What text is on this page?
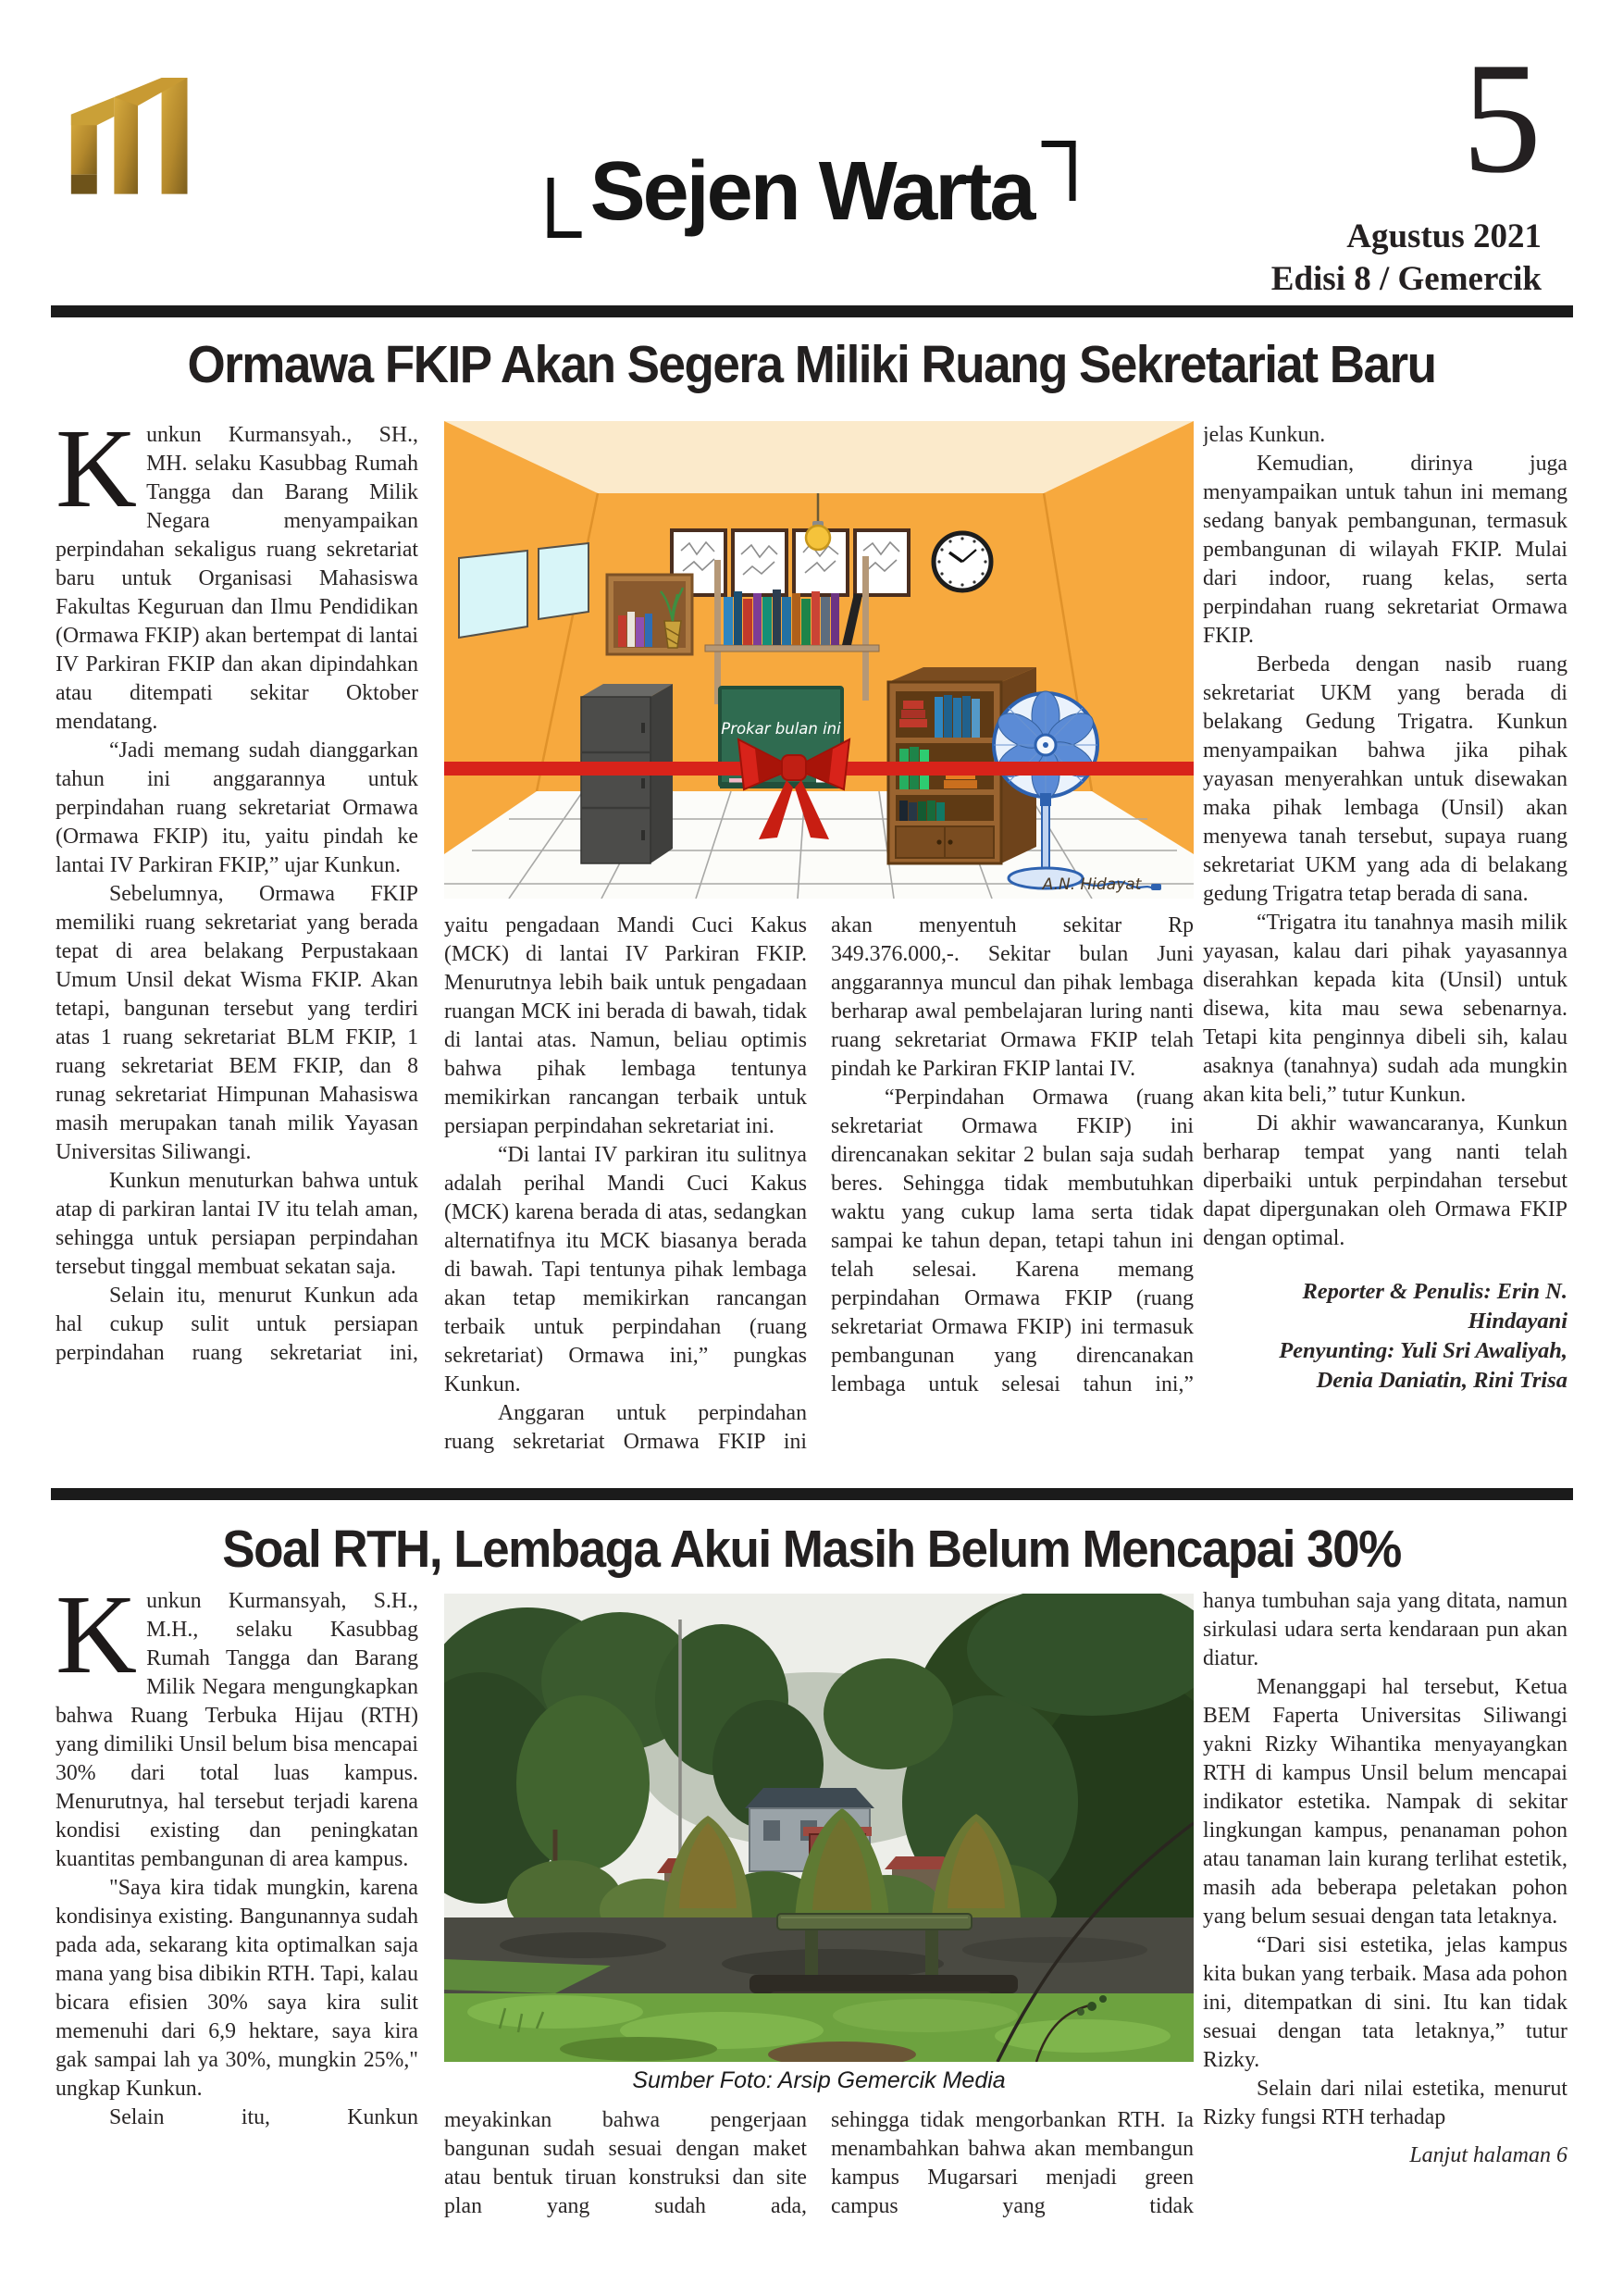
Sejen Warta	5
Agustus 2021
Edisi 8 / Gemercik
Ormawa FKIP Akan Segera Miliki Ruang Sekretariat Baru
Prokar bulan ini
A.N. Hidayat
K unkun Kurmansyah., SH., MH. selaku Kasubbag Rumah Tangga dan Barang Milik Negara menyampaikan perpindahan sekaligus ruang sekretariat baru untuk Organisasi Mahasiswa Fakultas Keguruan dan Ilmu Pendidikan (Ormawa FKIP) akan bertempat di lantai IV Parkiran FKIP dan akan dipindahkan atau ditempati sekitar Oktober mendatang.

“Jadi memang sudah dianggarkan tahun ini anggarannya untuk perpindahan ruang sekretariat Ormawa (Ormawa FKIP) itu, yaitu pindah ke lantai IV Parkiran FKIP,” ujar Kunkun.

Sebelumnya, Ormawa FKIP memiliki ruang sekretariat yang berada tepat di area belakang Perpustakaan Umum Unsil dekat Wisma FKIP. Akan tetapi, bangunan tersebut yang terdiri atas 1 ruang sekretariat BLM FKIP, 1 ruang sekretariat BEM FKIP, dan 8 runag sekretariat Himpunan Mahasiswa masih merupakan tanah milik Yayasan Universitas Siliwangi.

Kunkun menuturkan bahwa untuk atap di parkiran lantai IV itu telah aman, sehingga untuk persiapan perpindahan tersebut tinggal membuat sekatan saja.

Selain itu, menurut Kunkun ada hal cukup sulit untuk persiapan perpindahan ruang sekretariat ini,

yaitu pengadaan Mandi Cuci Kakus (MCK) di lantai IV Parkiran FKIP. Menurutnya lebih baik untuk pengadaan ruangan MCK ini berada di bawah, tidak di lantai atas. Namun, beliau optimis bahwa pihak lembaga tentunya memikirkan rancangan terbaik untuk persiapan perpindahan sekretariat ini.

“Di lantai IV parkiran itu sulitnya adalah perihal Mandi Cuci Kakus (MCK) karena berada di atas, sedangkan alternatifnya itu MCK biasanya berada di bawah. Tapi tentunya pihak lembaga akan tetap memikirkan rancangan terbaik untuk perpindahan (ruang sekretariat) Ormawa ini,” pungkas Kunkun.

Anggaran untuk perpindahan ruang sekretariat Ormawa FKIP ini

akan menyentuh sekitar Rp 349.376.000,-. Sekitar bulan Juni anggarannya muncul dan pihak lembaga berharap awal pembelajaran luring nanti ruang sekretariat Ormawa FKIP telah pindah ke Parkiran FKIP lantai IV.

“Perpindahan Ormawa (ruang sekretariat Ormawa FKIP) ini direncanakan sekitar 2 bulan saja sudah beres. Sehingga tidak membutuhkan waktu yang cukup lama serta tidak sampai ke tahun depan, tetapi tahun ini telah selesai. Karena memang perpindahan Ormawa FKIP (ruang sekretariat Ormawa FKIP) ini termasuk pembangunan yang direncanakan lembaga untuk selesai tahun ini,”

jelas Kunkun.

Kemudian, dirinya juga menyampaikan untuk tahun ini memang sedang banyak pembangunan, termasuk pembangunan di wilayah FKIP. Mulai dari indoor, ruang kelas, serta perpindahan ruang sekretariat Ormawa FKIP.

Berbeda dengan nasib ruang sekretariat UKM yang berada di belakang Gedung Trigatra. Kunkun menyampaikan bahwa jika pihak yayasan menyerahkan untuk disewakan maka pihak lembaga (Unsil) akan menyewa tanah tersebut, supaya ruang sekretariat UKM yang ada di belakang gedung Trigatra tetap berada di sana.

“Trigatra itu tanahnya masih milik yayasan, kalau dari pihak yayasannya diserahkan kepada kita (Unsil) untuk disewa, kita mau sewa sebenarnya. Tetapi kita penginnya dibeli sih, kalau asaknya (tanahnya) sudah ada mungkin akan kita beli,” tutur Kunkun.

Di akhir wawancaranya, Kunkun berharap tempat yang nanti telah diperbaiki untuk perpindahan tersebut dapat dipergunakan oleh Ormawa FKIP dengan optimal.

Reporter & Penulis: Erin N.
Hindayani
Penyunting: Yuli Sri Awaliyah,
Denia Daniatin, Rini Trisa
Soal RTH, Lembaga Akui Masih Belum Mencapai 30%
Sumber Foto: Arsip Gemercik Media
K unkun Kurmansyah, S.H., M.H., selaku Kasubbag Rumah Tangga dan Barang Milik Negara mengungkapkan bahwa Ruang Terbuka Hijau (RTH) yang dimiliki Unsil belum bisa mencapai 30% dari total luas kampus. Menurutnya, hal tersebut terjadi karena kondisi existing dan peningkatan kuantitas pembangunan di area kampus.

"Saya kira tidak mungkin, karena kondisinya existing. Bangunannya sudah pada ada, sekarang kita optimalkan saja mana yang bisa dibikin RTH. Tapi, kalau bicara efisien 30% saya kira sulit memenuhi dari 6,9 hektare, saya kira gak sampai lah ya 30%, mungkin 25%," ungkap Kunkun.

Selain itu, Kunkun meyakinkan bahwa pengerjaan bangunan sudah sesuai dengan maket atau bentuk tiruan konstruksi dan site plan yang sudah ada,

sehingga tidak mengorbankan RTH. Ia menambahkan bahwa akan membangun kampus Mugarsari menjadi green campus yang tidak

hanya tumbuhan saja yang ditata, namun sirkulasi udara serta kendaraan pun akan diatur.

Menanggapi hal tersebut, Ketua BEM Faperta Universitas Siliwangi yakni Rizky Wihantika menyayangkan RTH di kampus Unsil belum mencapai indikator estetika. Nampak di sekitar lingkungan kampus, penanaman pohon atau tanaman lain kurang terlihat estetik, masih ada beberapa peletakan pohon yang belum sesuai dengan tata letaknya.

“Dari sisi estetika, jelas kampus kita bukan yang terbaik. Masa ada pohon ini, ditempatkan di sini. Itu kan tidak sesuai dengan tata letaknya,” tutur Rizky.

Selain dari nilai estetika, menurut Rizky fungsi RTH terhadap

Lanjut halaman 6
